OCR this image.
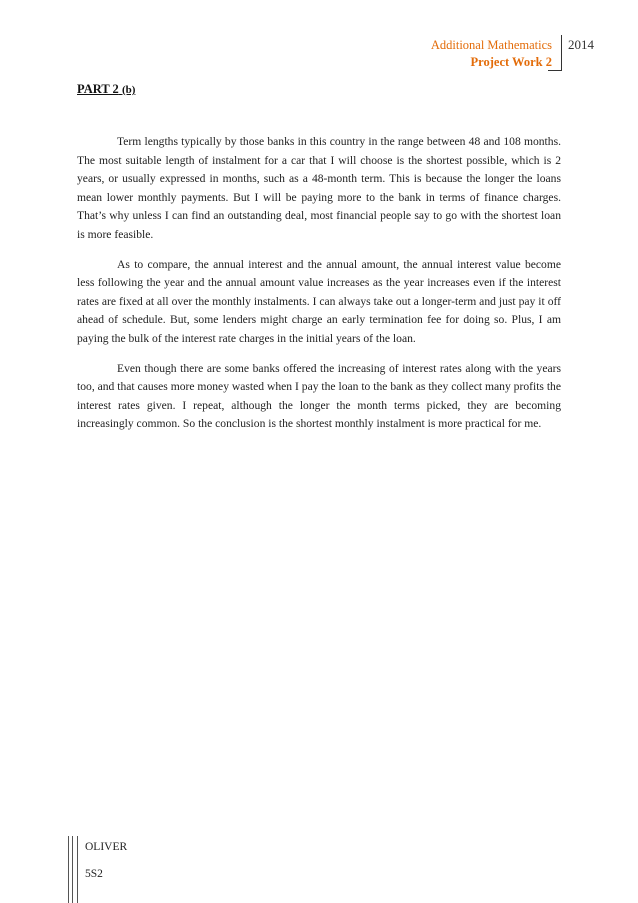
Additional Mathematics
Project Work 2
2014
PART 2 (b)

Term lengths typically by those banks in this country in the range between 48 and 108 months. The most suitable length of instalment for a car that I will choose is the shortest possible, which is 2 years, or usually expressed in months, such as a 48-month term. This is because the longer the loans mean lower monthly payments. But I will be paying more to the bank in terms of finance charges. That’s why unless I can find an outstanding deal, most financial people say to go with the shortest loan is more feasible.

As to compare, the annual interest and the annual amount, the annual interest value become less following the year and the annual amount value increases as the year increases even if the interest rates are fixed at all over the monthly instalments. I can always take out a longer-term and just pay it off ahead of schedule. But, some lenders might charge an early termination fee for doing so. Plus, I am paying the bulk of the interest rate charges in the initial years of the loan.

Even though there are some banks offered the increasing of interest rates along with the years too, and that causes more money wasted when I pay the loan to the bank as they collect many profits the interest rates given. I repeat, although the longer the month terms picked, they are becoming increasingly common. So the conclusion is the shortest monthly instalment is more practical for me.

OLIVER
5S2
